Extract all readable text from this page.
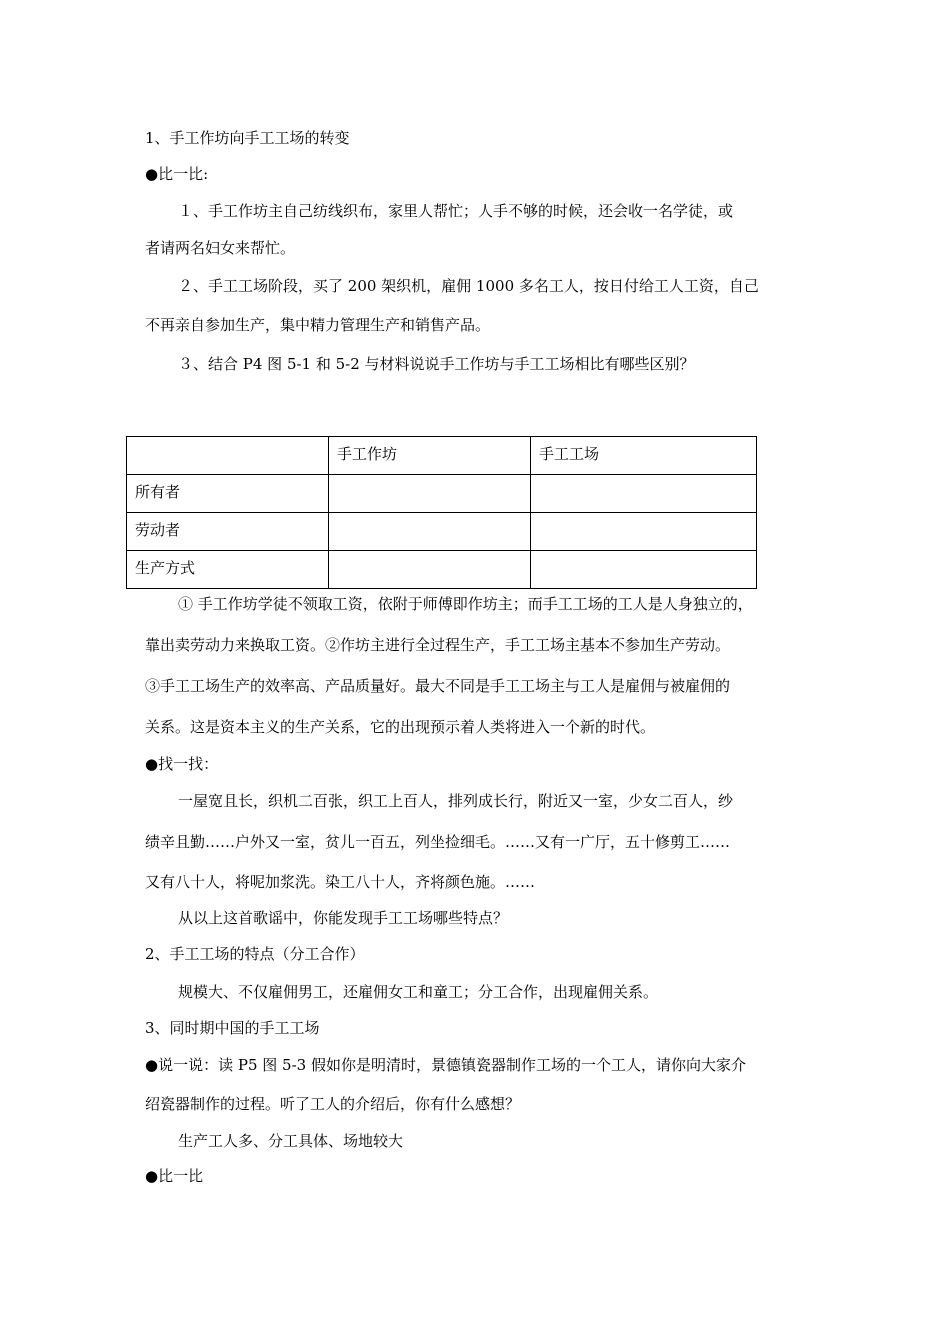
1、手工作坊向手工工场的转变
●比一比:
１、手工作坊主自己纺线织布，家里人帮忙；人手不够的时候，还会收一名学徒，或
者请两名妇女来帮忙。
２、手工工场阶段，买了 200 架织机，雇佣 1000 多名工人，按日付给工人工资，自己
不再亲自参加生产，集中精力管理生产和销售产品。
３、结合 P4 图 5-1 和 5-2 与材料说说手工作坊与手工工场相比有哪些区别？
	手工作坊	手工工场
所有者		
劳动者		
生产方式		
① 手工作坊学徒不领取工资，依附于师傅即作坊主；而手工工场的工人是人身独立的，
靠出卖劳动力来换取工资。②作坊主进行全过程生产，手工工场主基本不参加生产劳动。
③手工工场生产的效率高、产品质量好。最大不同是手工工场主与工人是雇佣与被雇佣的
关系。这是资本主义的生产关系，它的出现预示着人类将进入一个新的时代。
●找一找：
一屋宽且长，织机二百张，织工上百人，排列成长行，附近又一室，少女二百人，纱
绩辛且勤……户外又一室，贫儿一百五，列坐捡细毛。……又有一广厅，五十修剪工……
又有八十人，将呢加浆洗。染工八十人，齐将颜色施。……
从以上这首歌谣中，你能发现手工工场哪些特点？
2、手工工场的特点（分工合作）
规模大、不仅雇佣男工，还雇佣女工和童工；分工合作，出现雇佣关系。
3、同时期中国的手工工场
●说一说：读 P5 图 5-3 假如你是明清时，景德镇瓷器制作工场的一个工人，请你向大家介
绍瓷器制作的过程。听了工人的介绍后，你有什么感想？
生产工人多、分工具体、场地较大
●比一比
